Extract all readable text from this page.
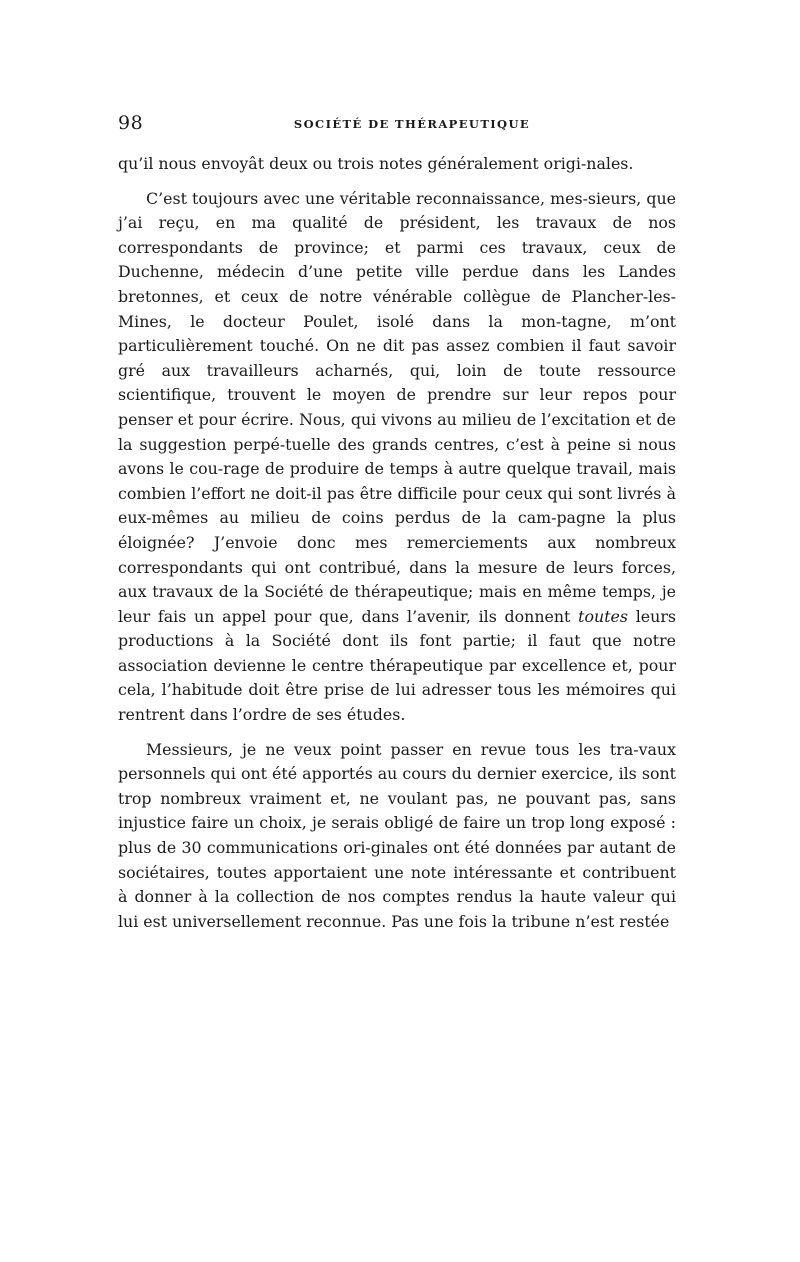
98	SOCIÉTÉ DE THÉRAPEUTIQUE

qu’il nous envoyât deux ou trois notes généralement origi-nales.

C’est toujours avec une véritable reconnaissance, mes-sieurs, que j’ai reçu, en ma qualité de président, les travaux de nos correspondants de province; et parmi ces travaux, ceux de Duchenne, médecin d’une petite ville perdue dans les Landes bretonnes, et ceux de notre vénérable collègue de Plancher-les-Mines, le docteur Poulet, isolé dans la mon-tagne, m’ont particulièrement touché. On ne dit pas assez combien il faut savoir gré aux travailleurs acharnés, qui, loin de toute ressource scientifique, trouvent le moyen de prendre sur leur repos pour penser et pour écrire. Nous, qui vivons au milieu de l’excitation et de la suggestion perpé-tuelle des grands centres, c’est à peine si nous avons le cou-rage de produire de temps à autre quelque travail, mais combien l’effort ne doit-il pas être difficile pour ceux qui sont livrés à eux-mêmes au milieu de coins perdus de la cam-pagne la plus éloignée? J’envoie donc mes remerciements aux nombreux correspondants qui ont contribué, dans la mesure de leurs forces, aux travaux de la Société de thérapeutique; mais en même temps, je leur fais un appel pour que, dans l’avenir, ils donnent toutes leurs productions à la Société dont ils font partie; il faut que notre association devienne le centre thérapeutique par excellence et, pour cela, l’habitude doit être prise de lui adresser tous les mémoires qui rentrent dans l’ordre de ses études.

Messieurs, je ne veux point passer en revue tous les tra-vaux personnels qui ont été apportés au cours du dernier exercice, ils sont trop nombreux vraiment et, ne voulant pas, ne pouvant pas, sans injustice faire un choix, je serais obligé de faire un trop long exposé : plus de 30 communications ori-ginales ont été données par autant de sociétaires, toutes apportaient une note intéressante et contribuent à donner à la collection de nos comptes rendus la haute valeur qui lui est universellement reconnue. Pas une fois la tribune n’est restée
